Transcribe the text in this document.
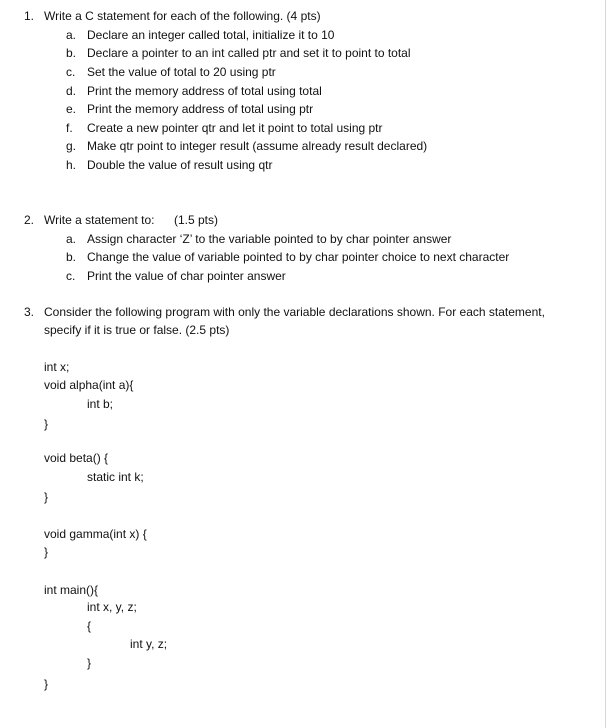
1. Write a C statement for each of the following. (4 pts)
a. Declare an integer called total, initialize it to 10
b. Declare a pointer to an int called ptr and set it to point to total
c. Set the value of total to 20 using ptr
d. Print the memory address of total using total
e. Print the memory address of total using ptr
f. Create a new pointer qtr and let it point to total using ptr
g. Make qtr point to integer result (assume already result declared)
h. Double the value of result using qtr
2. Write a statement to: (1.5 pts)
a. Assign character ‘Z’ to the variable pointed to by char pointer answer
b. Change the value of variable pointed to by char pointer choice to next character
c. Print the value of char pointer answer
3. Consider the following program with only the variable declarations shown. For each statement,
specify if it is true or false. (2.5 pts)
int x;
void alpha(int a){
int b;
}
void beta() {
static int k;
}
void gamma(int x) {
}
int main(){
int x, y, z;
{
int y, z;
}
}
